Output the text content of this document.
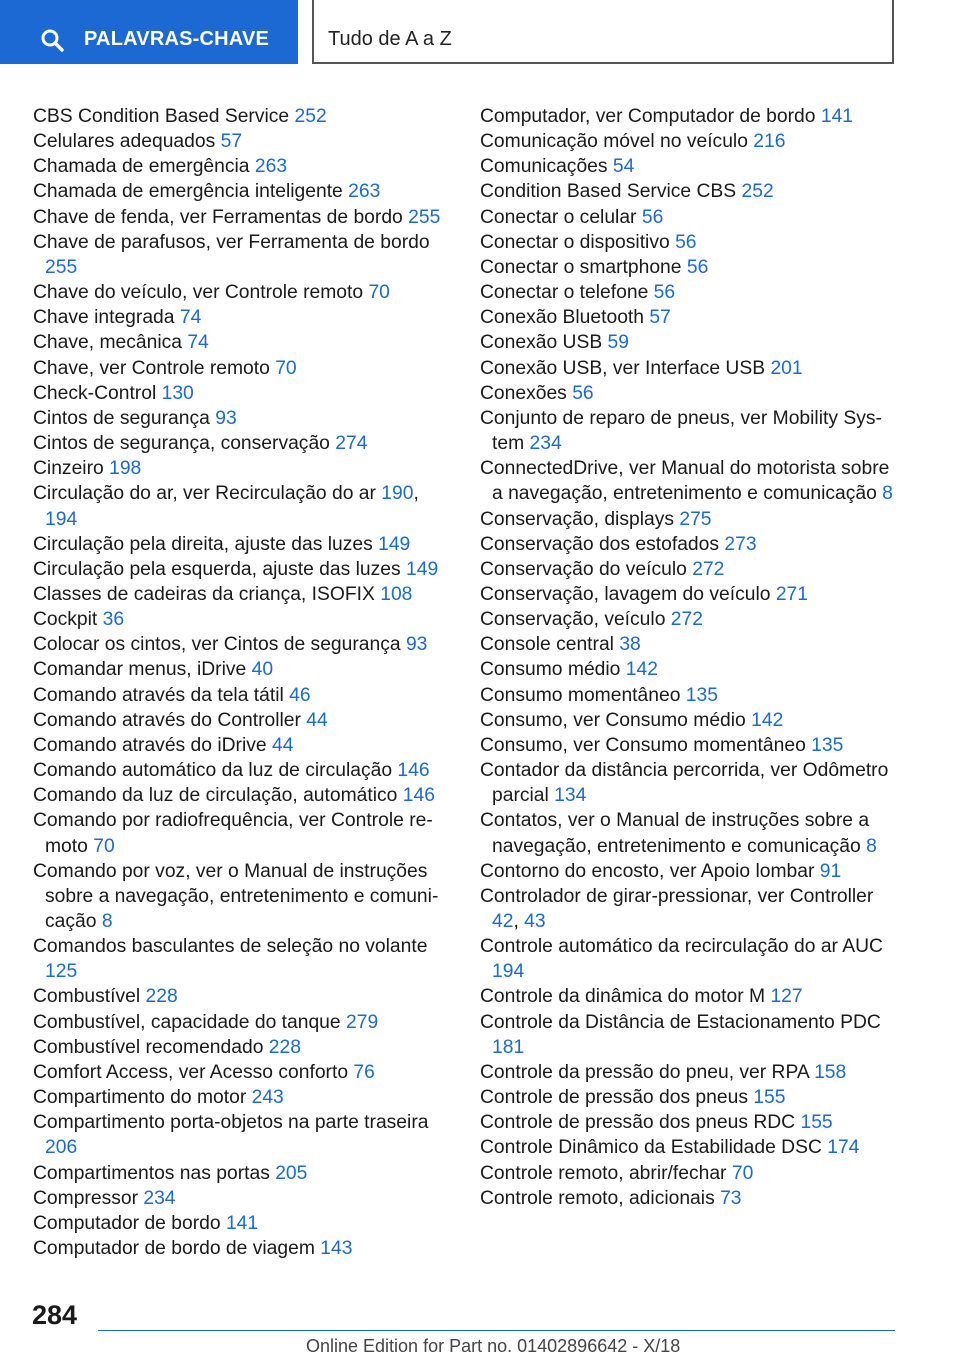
PALAVRAS-CHAVE	Tudo de A a Z
CBS Condition Based Service 252
Celulares adequados 57
Chamada de emergência 263
Chamada de emergência inteligente 263
Chave de fenda, ver Ferramentas de bordo 255
Chave de parafusos, ver Ferramenta de bordo 255
Chave do veículo, ver Controle remoto 70
Chave integrada 74
Chave, mecânica 74
Chave, ver Controle remoto 70
Check-Control 130
Cintos de segurança 93
Cintos de segurança, conservação 274
Cinzeiro 198
Circulação do ar, ver Recirculação do ar 190, 194
Circulação pela direita, ajuste das luzes 149
Circulação pela esquerda, ajuste das luzes 149
Classes de cadeiras da criança, ISOFIX 108
Cockpit 36
Colocar os cintos, ver Cintos de segurança 93
Comandar menus, iDrive 40
Comando através da tela tátil 46
Comando através do Controller 44
Comando através do iDrive 44
Comando automático da luz de circulação 146
Comando da luz de circulação, automático 146
Comando por radiofrequência, ver Controle remoto 70
Comando por voz, ver o Manual de instruções sobre a navegação, entretenimento e comunicação 8
Comandos basculantes de seleção no volante 125
Combustível 228
Combustível, capacidade do tanque 279
Combustível recomendado 228
Comfort Access, ver Acesso conforto 76
Compartimento do motor 243
Compartimento porta-objetos na parte traseira 206
Compartimentos nas portas 205
Compressor 234
Computador de bordo 141
Computador de bordo de viagem 143
Computador, ver Computador de bordo 141
Comunicação móvel no veículo 216
Comunicações 54
Condition Based Service CBS 252
Conectar o celular 56
Conectar o dispositivo 56
Conectar o smartphone 56
Conectar o telefone 56
Conexão Bluetooth 57
Conexão USB 59
Conexão USB, ver Interface USB 201
Conexões 56
Conjunto de reparo de pneus, ver Mobility System 234
ConnectedDrive, ver Manual do motorista sobre a navegação, entretenimento e comunicação 8
Conservação, displays 275
Conservação dos estofados 273
Conservação do veículo 272
Conservação, lavagem do veículo 271
Conservação, veículo 272
Console central 38
Consumo médio 142
Consumo momentâneo 135
Consumo, ver Consumo médio 142
Consumo, ver Consumo momentâneo 135
Contador da distância percorrida, ver Odômetro parcial 134
Contatos, ver o Manual de instruções sobre a navegação, entretenimento e comunicação 8
Contorno do encosto, ver Apoio lombar 91
Controlador de girar-pressionar, ver Controller 42, 43
Controle automático da recirculação do ar AUC 194
Controle da dinâmica do motor M 127
Controle da Distância de Estacionamento PDC 181
Controle da pressão do pneu, ver RPA 158
Controle de pressão dos pneus 155
Controle de pressão dos pneus RDC 155
Controle Dinâmico da Estabilidade DSC 174
Controle remoto, abrir/fechar 70
Controle remoto, adicionais 73
284
Online Edition for Part no. 01402896642 - X/18
